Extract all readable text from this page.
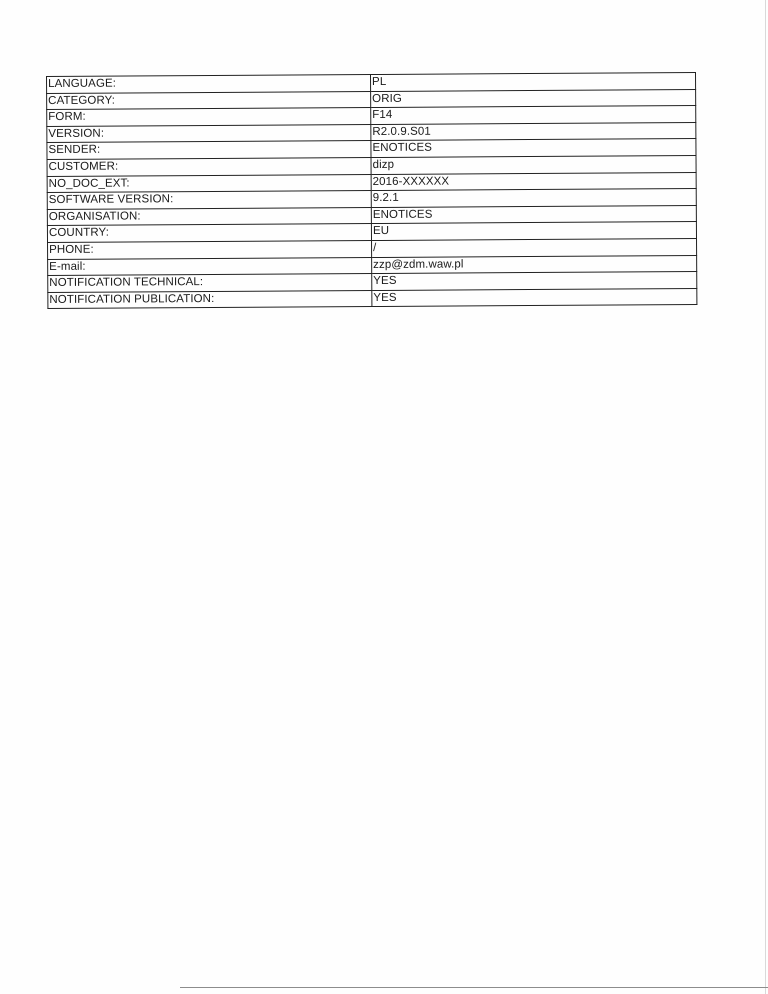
LANGUAGE:	PL
CATEGORY:	ORIG
FORM:	F14
VERSION:	R2.0.9.S01
SENDER:	ENOTICES
CUSTOMER:	dizp
NO_DOC_EXT:	2016-XXXXXX
SOFTWARE VERSION:	9.2.1
ORGANISATION:	ENOTICES
COUNTRY:	EU
PHONE:	/
E-mail:	zzp@zdm.waw.pl
NOTIFICATION TECHNICAL:	YES
NOTIFICATION PUBLICATION:	YES
